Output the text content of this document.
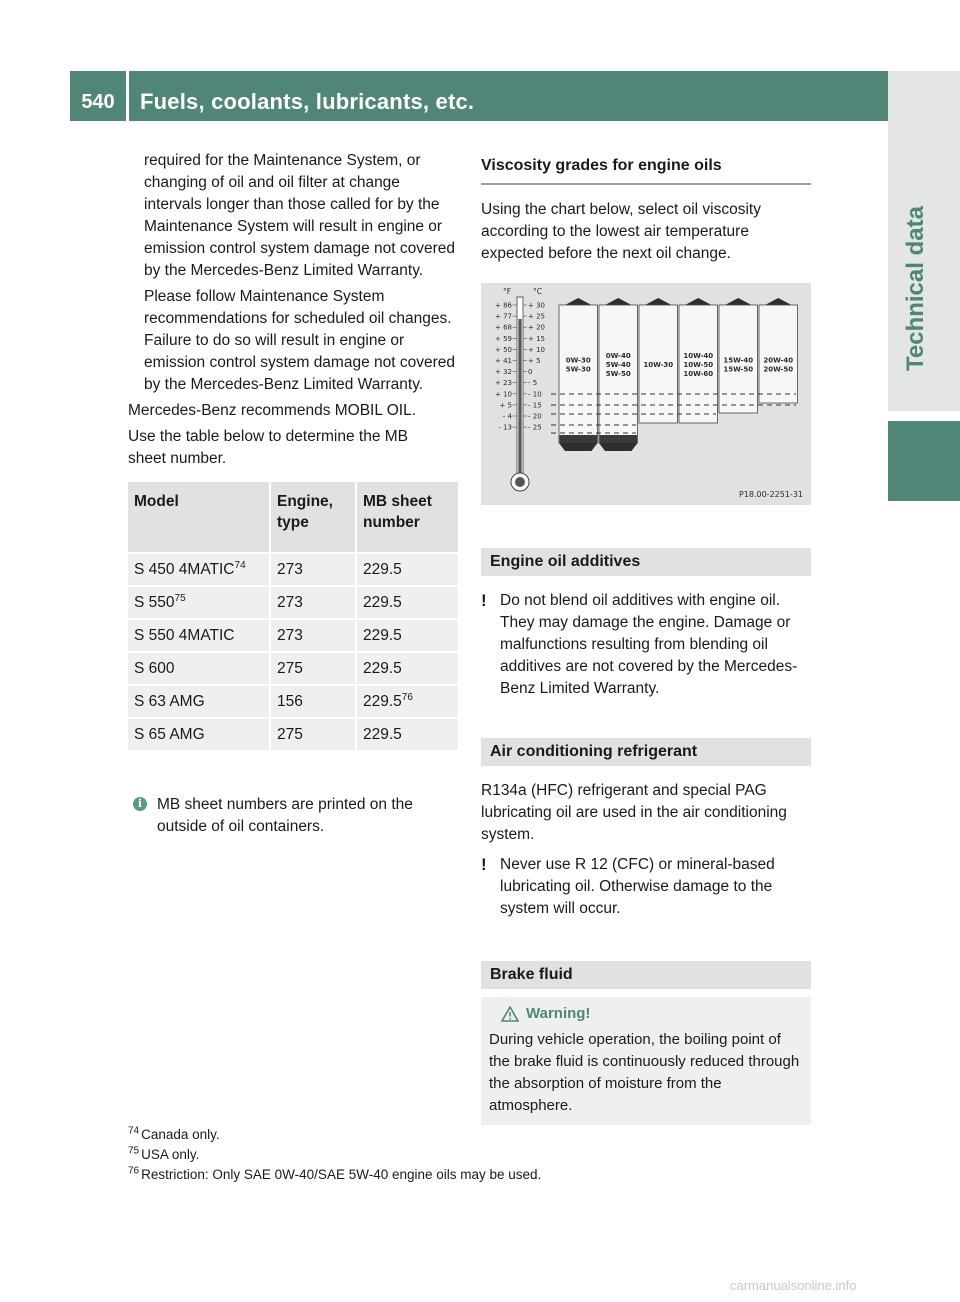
540	Fuels, coolants, lubricants, etc.
Technical data

required for the Maintenance System, or changing of oil and oil filter at change intervals longer than those called for by the Maintenance System will result in engine or emission control system damage not covered by the Mercedes-Benz Limited Warranty.

Please follow Maintenance System recommendations for scheduled oil changes. Failure to do so will result in engine or emission control system damage not covered by the Mercedes-Benz Limited Warranty.

Mercedes-Benz recommends MOBIL OIL.

Use the table below to determine the MB sheet number.

Model	Engine, type	MB sheet number
S 450 4MATIC$^{74}$	273	229.5
S $550^{75}$	273	229.5
S 550 4MATIC	273	229.5
S 600	275	229.5
S 63 AMG	156	229.5$^{76}$
S 65 AMG	275	229.5
i MB sheet numbers are printed on the outside of oil containers.

Viscosity grades for engine oils

Using the chart below, select oil viscosity according to the lowest air temperature expected before the next oil change.

°F	°C
+ 86
+ 77
+ 68
+ 59
+ 50
+ 41
+ 32
+ 23
+ 10
+ 5
- 4
- 13
+ 30
+ 25
+ 20
+ 15
+ 10
+ 5
0
- 5
- 10
- 15
- 20
- 25
0W-30
5W-30
0W-40
5W-40
5W-50
10W-30
10W-40
10W-50
10W-60
15W-40
15W-50
20W-40
20W-50
P18.00-2251-31
Engine oil additives
! Do not blend oil additives with engine oil. They may damage the engine. Damage or malfunctions resulting from blending oil additives are not covered by the Mercedes-Benz Limited Warranty.

Air conditioning refrigerant

R134a (HFC) refrigerant and special PAG lubricating oil are used in the air conditioning system.

! Never use R 12 (CFC) or mineral-based lubricating oil. Otherwise damage to the system will occur.

Brake fluid
Warning!

During vehicle operation, the boiling point of the brake fluid is continuously reduced through the absorption of moisture from the atmosphere.

$^{74}$ Canada only.
$^{75}$ USA only.
$^{76}$ Restriction: Only SAE 0W-40/SAE 5W-40 engine oils may be used.
carmanualsonline.info
